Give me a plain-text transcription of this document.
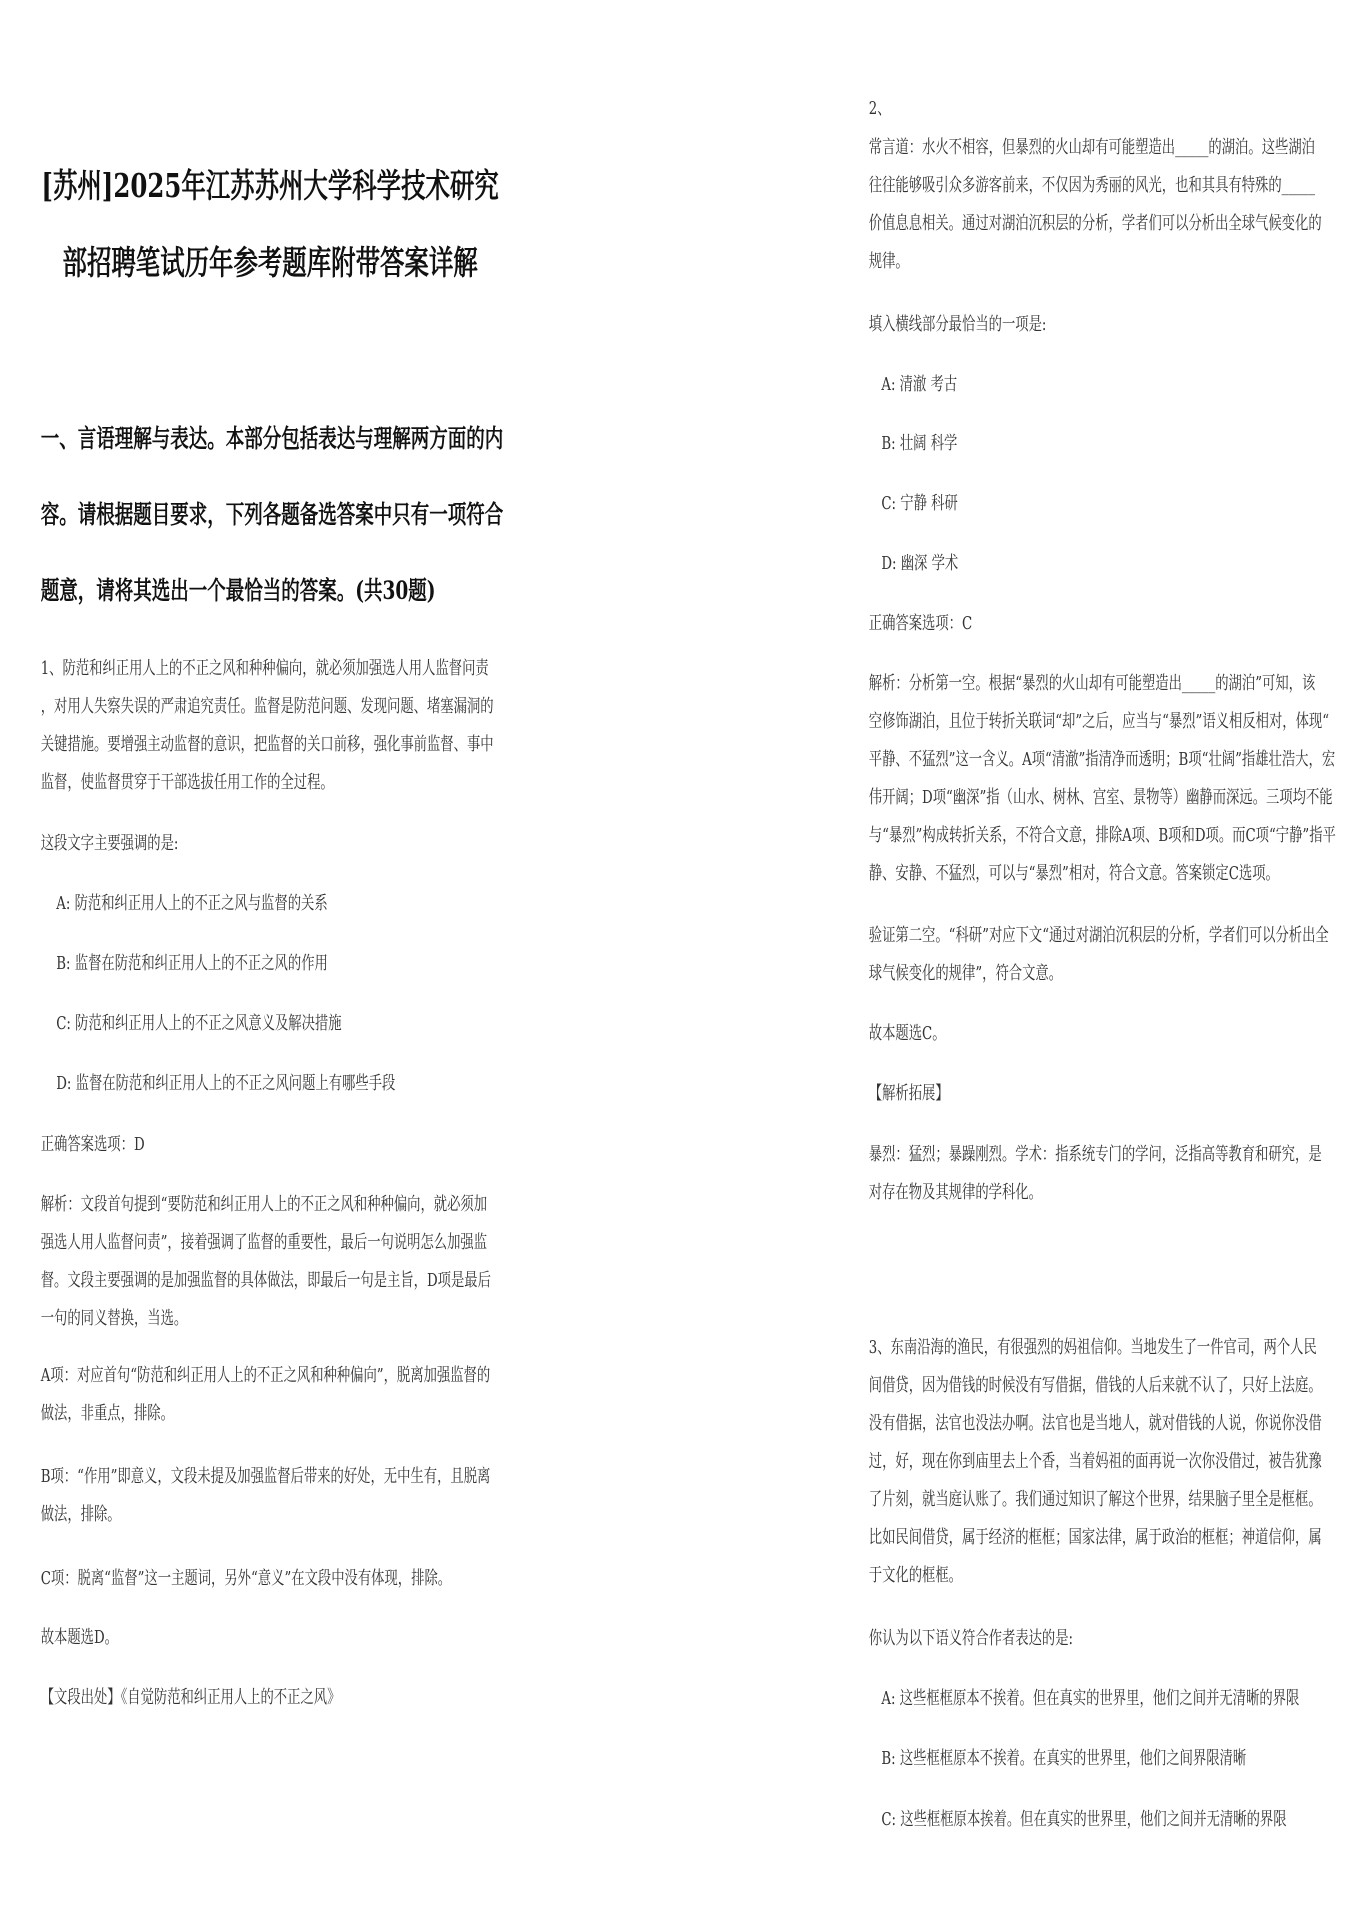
[苏州]2025年江苏苏州大学科学技术研究
部招聘笔试历年参考题库附带答案详解
一、言语理解与表达。本部分包括表达与理解两方面的内
容。请根据题目要求，下列各题备选答案中只有一项符合
题意，请将其选出一个最恰当的答案。(共30题)
1、防范和纠正用人上的不正之风和种种偏向，就必须加强选人用人监督问责
，对用人失察失误的严肃追究责任。监督是防范问题、发现问题、堵塞漏洞的
关键措施。要增强主动监督的意识，把监督的关口前移，强化事前监督、事中
监督，使监督贯穿于干部选拔任用工作的全过程。
这段文字主要强调的是:
A: 防范和纠正用人上的不正之风与监督的关系
B: 监督在防范和纠正用人上的不正之风的作用
C: 防范和纠正用人上的不正之风意义及解决措施
D: 监督在防范和纠正用人上的不正之风问题上有哪些手段
正确答案选项：D
解析：文段首句提到“要防范和纠正用人上的不正之风和种种偏向，就必须加
强选人用人监督问责”，接着强调了监督的重要性，最后一句说明怎么加强监
督。文段主要强调的是加强监督的具体做法，即最后一句是主旨，D项是最后
一句的同义替换，当选。
A项：对应首句“防范和纠正用人上的不正之风和种种偏向”，脱离加强监督的
做法，非重点，排除。
B项：“作用”即意义，文段未提及加强监督后带来的好处，无中生有，且脱离
做法，排除。
C项：脱离“监督”这一主题词，另外“意义”在文段中没有体现，排除。
故本题选D。
【文段出处】《自觉防范和纠正用人上的不正之风》
2、
常言道：水火不相容，但暴烈的火山却有可能塑造出_____的湖泊。这些湖泊
往往能够吸引众多游客前来，不仅因为秀丽的风光，也和其具有特殊的_____
价值息息相关。通过对湖泊沉积层的分析，学者们可以分析出全球气候变化的
规律。
填入横线部分最恰当的一项是:
A: 清澈 考古
B: 壮阔 科学
C: 宁静 科研
D: 幽深 学术
正确答案选项：C
解析：分析第一空。根据“暴烈的火山却有可能塑造出_____的湖泊”可知，该
空修饰湖泊，且位于转折关联词“却”之后，应当与“暴烈”语义相反相对，体现“
平静、不猛烈”这一含义。A项“清澈”指清净而透明；B项“壮阔”指雄壮浩大，宏
伟开阔；D项“幽深”指（山水、树林、宫室、景物等）幽静而深远。三项均不能
与“暴烈”构成转折关系，不符合文意，排除A项、B项和D项。而C项“宁静”指平
静、安静、不猛烈，可以与“暴烈”相对，符合文意。答案锁定C选项。
验证第二空。“科研”对应下文“通过对湖泊沉积层的分析，学者们可以分析出全
球气候变化的规律”，符合文意。
故本题选C。
【解析拓展】
暴烈：猛烈；暴躁刚烈。学术：指系统专门的学问，泛指高等教育和研究，是
对存在物及其规律的学科化。
3、东南沿海的渔民，有很强烈的妈祖信仰。当地发生了一件官司，两个人民
间借贷，因为借钱的时候没有写借据，借钱的人后来就不认了，只好上法庭。
没有借据，法官也没法办啊。法官也是当地人，就对借钱的人说，你说你没借
过，好，现在你到庙里去上个香，当着妈祖的面再说一次你没借过，被告犹豫
了片刻，就当庭认账了。我们通过知识了解这个世界，结果脑子里全是框框。
比如民间借贷，属于经济的框框；国家法律，属于政治的框框；神道信仰，属
于文化的框框。
你认为以下语义符合作者表达的是:
A: 这些框框原本不挨着。但在真实的世界里，他们之间并无清晰的界限
B: 这些框框原本不挨着。在真实的世界里，他们之间界限清晰
C: 这些框框原本挨着。但在真实的世界里，他们之间并无清晰的界限
